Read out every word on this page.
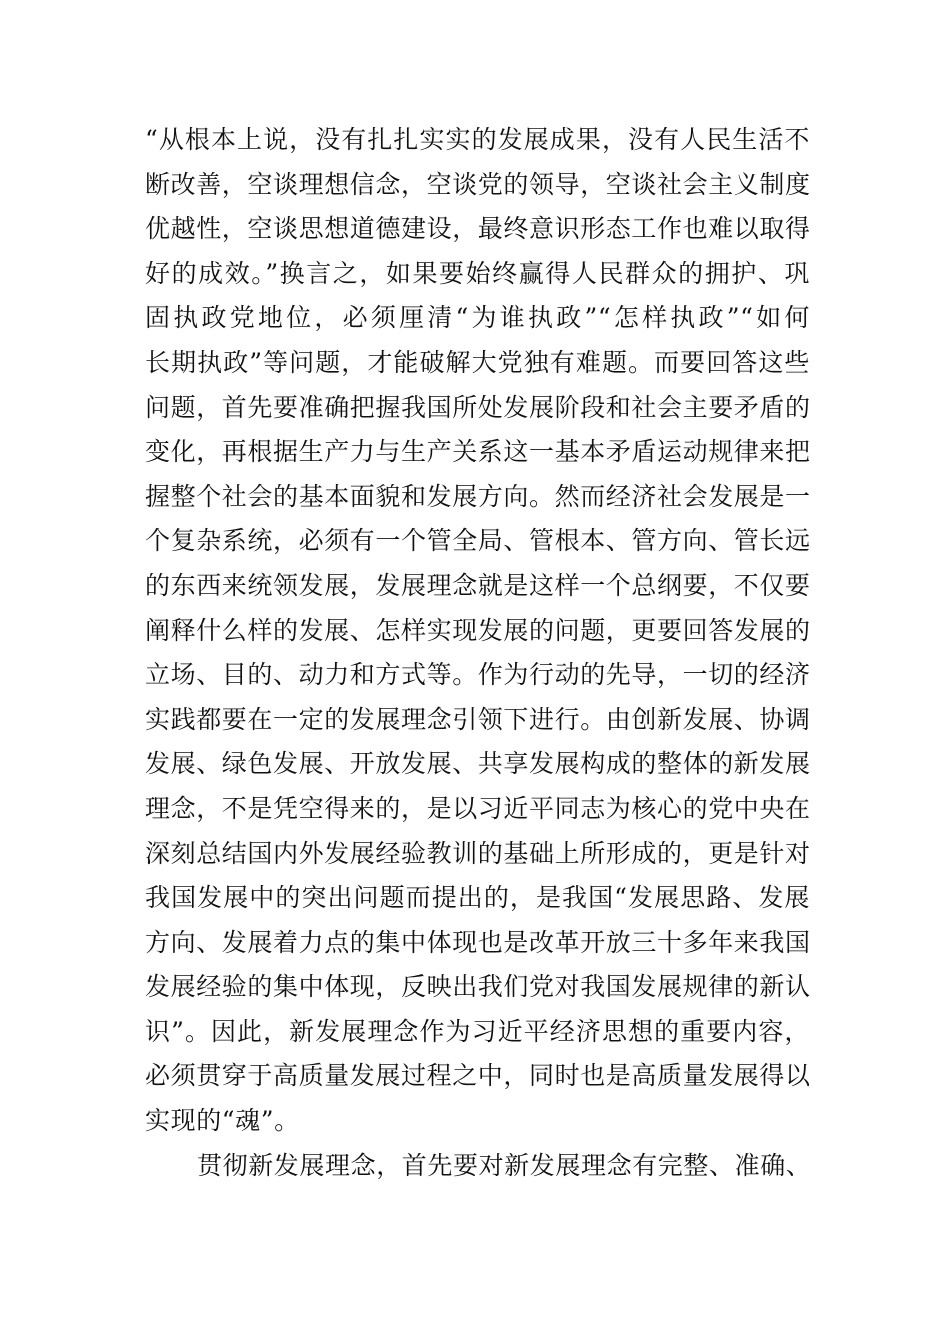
“从根本上说，没有扎扎实实的发展成果，没有人民生活不
断改善，空谈理想信念，空谈党的领导，空谈社会主义制度
优越性，空谈思想道德建设，最终意识形态工作也难以取得
好的成效。”换言之，如果要始终赢得人民群众的拥护、巩
固执政党地位，必须厘清“为谁执政”“怎样执政”“如何
长期执政”等问题，才能破解大党独有难题。而要回答这些
问题，首先要准确把握我国所处发展阶段和社会主要矛盾的
变化，再根据生产力与生产关系这一基本矛盾运动规律来把
握整个社会的基本面貌和发展方向。然而经济社会发展是一
个复杂系统，必须有一个管全局、管根本、管方向、管长远
的东西来统领发展，发展理念就是这样一个总纲要，不仅要
阐释什么样的发展、怎样实现发展的问题，更要回答发展的
立场、目的、动力和方式等。作为行动的先导，一切的经济
实践都要在一定的发展理念引领下进行。由创新发展、协调
发展、绿色发展、开放发展、共享发展构成的整体的新发展
理念，不是凭空得来的，是以习近平同志为核心的党中央在
深刻总结国内外发展经验教训的基础上所形成的，更是针对
我国发展中的突出问题而提出的，是我国“发展思路、发展
方向、发展着力点的集中体现也是改革开放三十多年来我国
发展经验的集中体现，反映出我们党对我国发展规律的新认
识”。因此，新发展理念作为习近平经济思想的重要内容，
必须贯穿于高质量发展过程之中，同时也是高质量发展得以
实现的“魂”。
贯彻新发展理念，首先要对新发展理念有完整、准确、
